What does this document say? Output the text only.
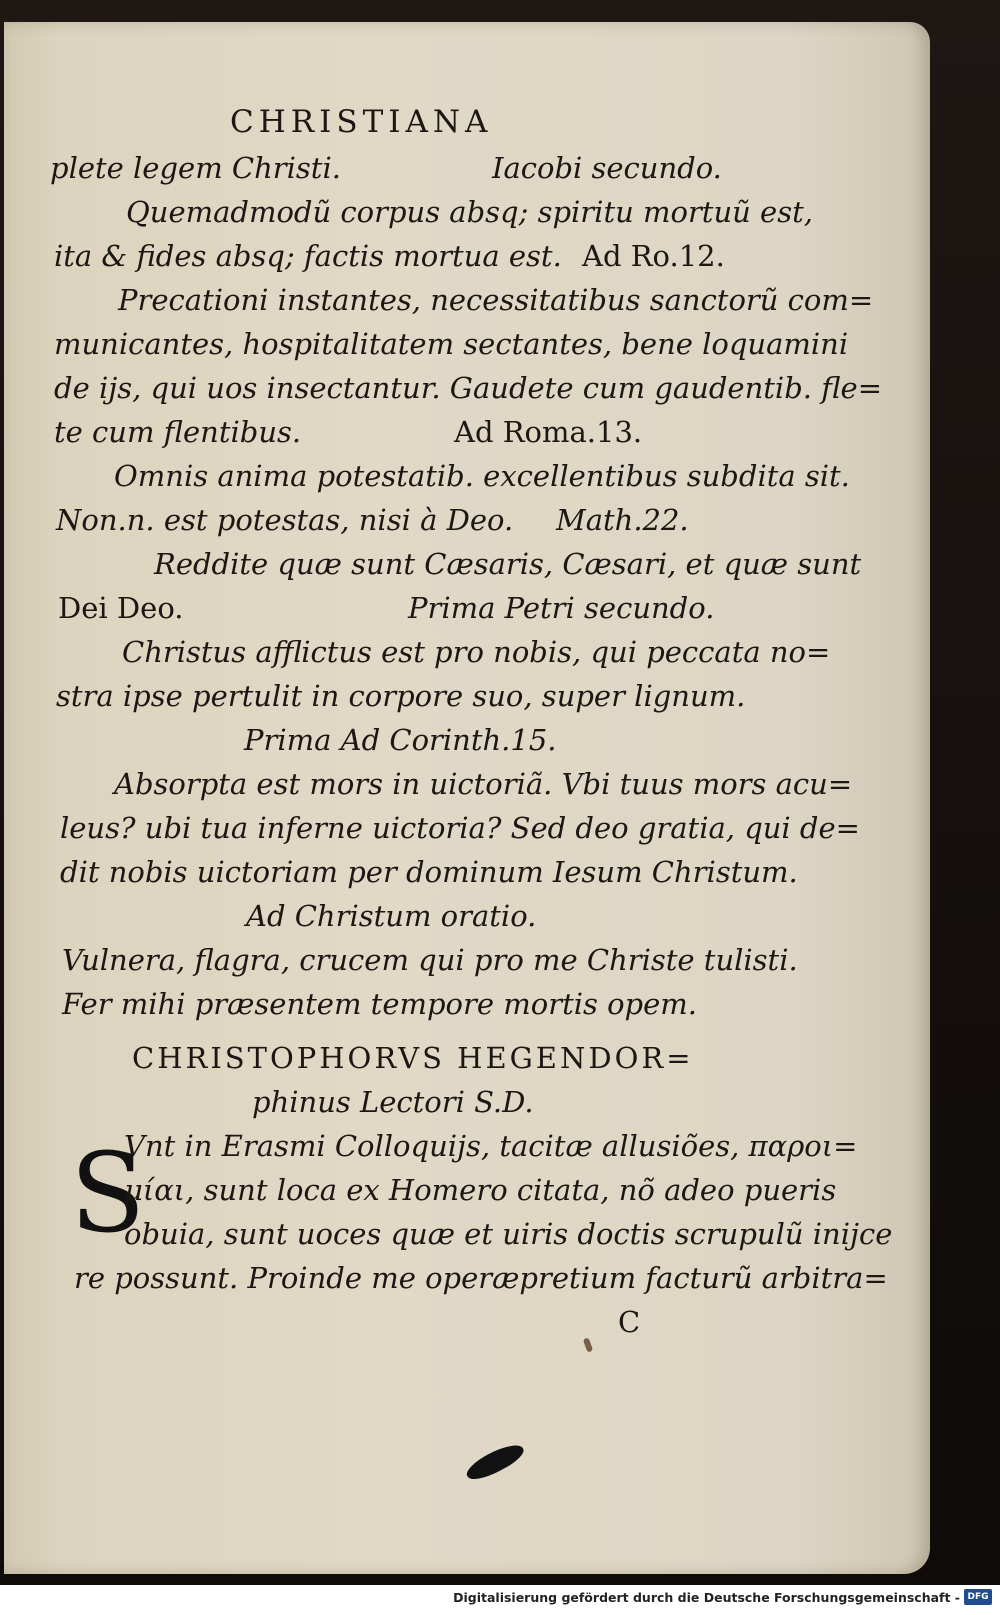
CHRISTIANA
plete legem Christi.	Iacobi secundo.
Quemadmodũ corpus absq; spiritu mortuũ est,
ita & fides absq; factis mortua est. Ad Ro.12.
Precationi instantes, necessitatibus sanctorũ com=
municantes, hospitalitatem sectantes, bene loquamini
de ijs, qui uos insectantur. Gaudete cum gaudentib. fle=
te cum flentibus.	Ad Roma.13.
Omnis anima potestatib. excellentibus subdita sit.
Non.n. est potestas, nisi à Deo. Math.22.
Reddite quæ sunt Cæsaris, Cæsari, et quæ sunt
Dei Deo.	Prima Petri secundo.
Christus afflictus est pro nobis, qui peccata no=
stra ipse pertulit in corpore suo, super lignum.
Prima Ad Corinth.15.
Absorpta est mors in uictoriã. Vbi tuus mors acu=
leus? ubi tua inferne uictoria? Sed deo gratia, qui de=
dit nobis uictoriam per dominum Iesum Christum.
Ad Christum oratio.
Vulnera, flagra, crucem qui pro me Christe tulisti.
Fer mihi præsentem tempore mortis opem.
CHRISTOPHORVS HEGENDOR=
phinus Lectori S.D.
S
Vnt in Erasmi Colloquijs, tacitæ allusiões, παροι=
μίαι, sunt loca ex Homero citata, nõ adeo pueris
obuia, sunt uoces quæ et uiris doctis scrupulũ inijce
re possunt. Proinde me operæpretium facturũ arbitra=
C
Digitalisierung gefördert durch die Deutsche Forschungsgemeinschaft - DFG
